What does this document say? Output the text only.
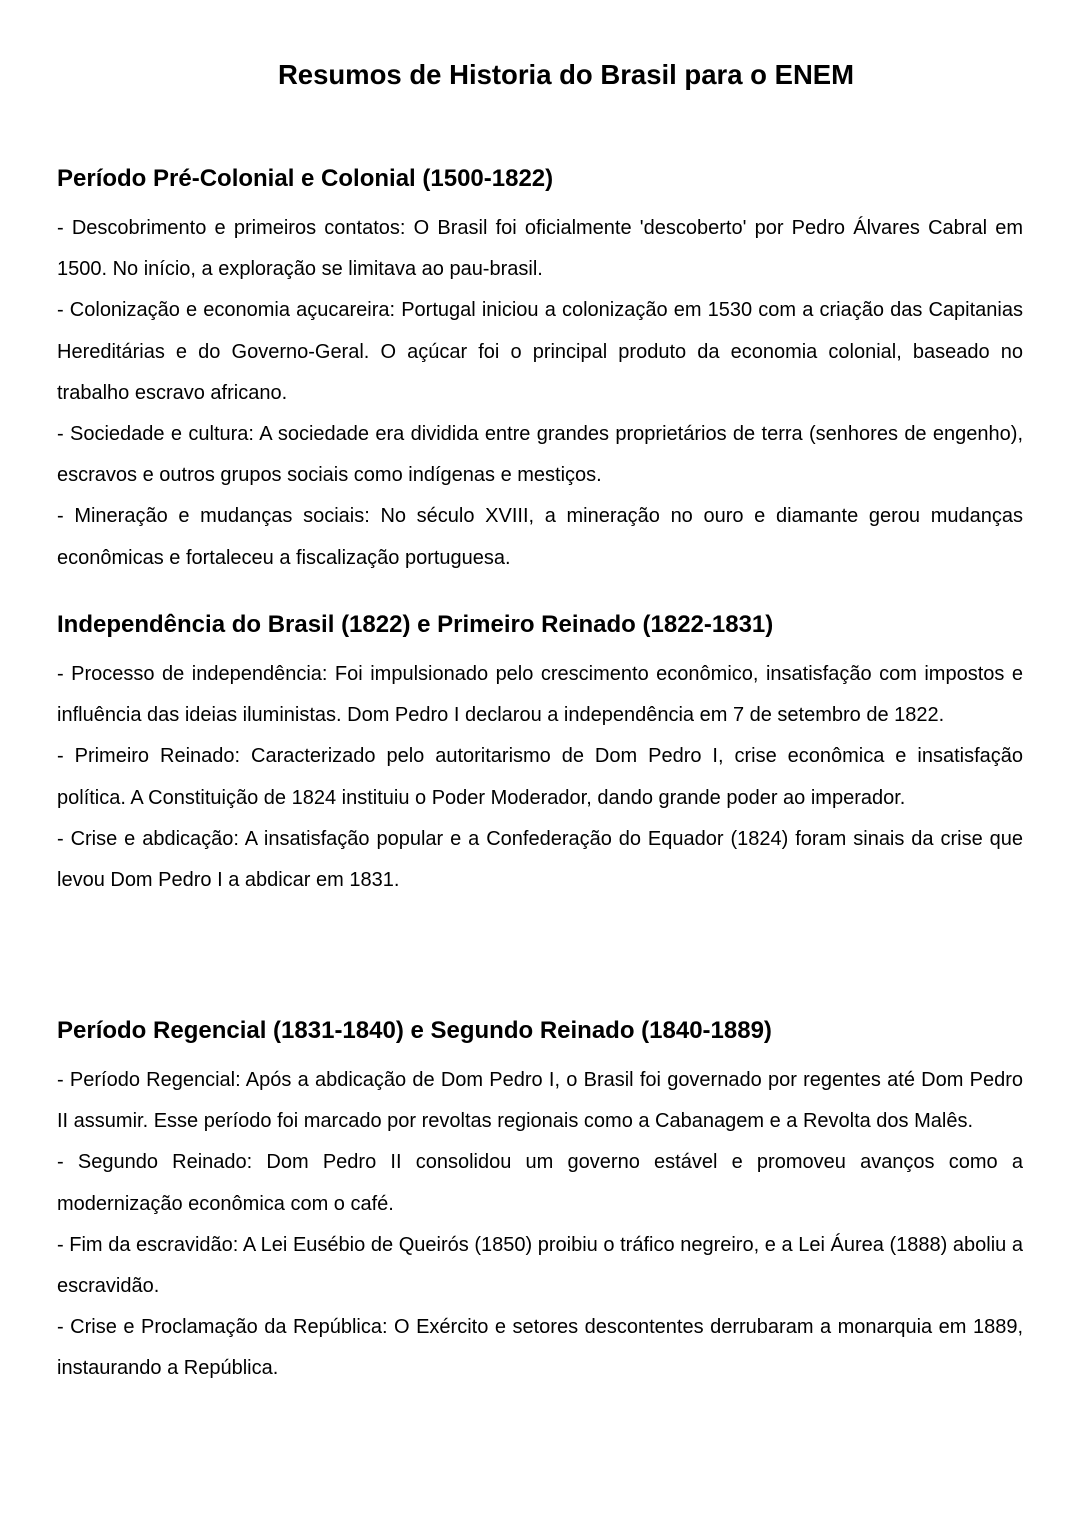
Resumos de Historia do Brasil para o ENEM
Período Pré-Colonial e Colonial (1500-1822)

- Descobrimento e primeiros contatos: O Brasil foi oficialmente 'descoberto' por Pedro Álvares Cabral em 1500. No início, a exploração se limitava ao pau-brasil.

- Colonização e economia açucareira: Portugal iniciou a colonização em 1530 com a criação das Capitanias Hereditárias e do Governo-Geral. O açúcar foi o principal produto da economia colonial, baseado no trabalho escravo africano.

- Sociedade e cultura: A sociedade era dividida entre grandes proprietários de terra (senhores de engenho), escravos e outros grupos sociais como indígenas e mestiços.

- Mineração e mudanças sociais: No século XVIII, a mineração no ouro e diamante gerou mudanças econômicas e fortaleceu a fiscalização portuguesa.

Independência do Brasil (1822) e Primeiro Reinado (1822-1831)

- Processo de independência: Foi impulsionado pelo crescimento econômico, insatisfação com impostos e influência das ideias iluministas. Dom Pedro I declarou a independência em 7 de setembro de 1822.

- Primeiro Reinado: Caracterizado pelo autoritarismo de Dom Pedro I, crise econômica e insatisfação política. A Constituição de 1824 instituiu o Poder Moderador, dando grande poder ao imperador.

- Crise e abdicação: A insatisfação popular e a Confederação do Equador (1824) foram sinais da crise que levou Dom Pedro I a abdicar em 1831.

Período Regencial (1831-1840) e Segundo Reinado (1840-1889)

- Período Regencial: Após a abdicação de Dom Pedro I, o Brasil foi governado por regentes até Dom Pedro II assumir. Esse período foi marcado por revoltas regionais como a Cabanagem e a Revolta dos Malês.

- Segundo Reinado: Dom Pedro II consolidou um governo estável e promoveu avanços como a modernização econômica com o café.

- Fim da escravidão: A Lei Eusébio de Queirós (1850) proibiu o tráfico negreiro, e a Lei Áurea (1888) aboliu a escravidão.

- Crise e Proclamação da República: O Exército e setores descontentes derrubaram a monarquia em 1889, instaurando a República.
